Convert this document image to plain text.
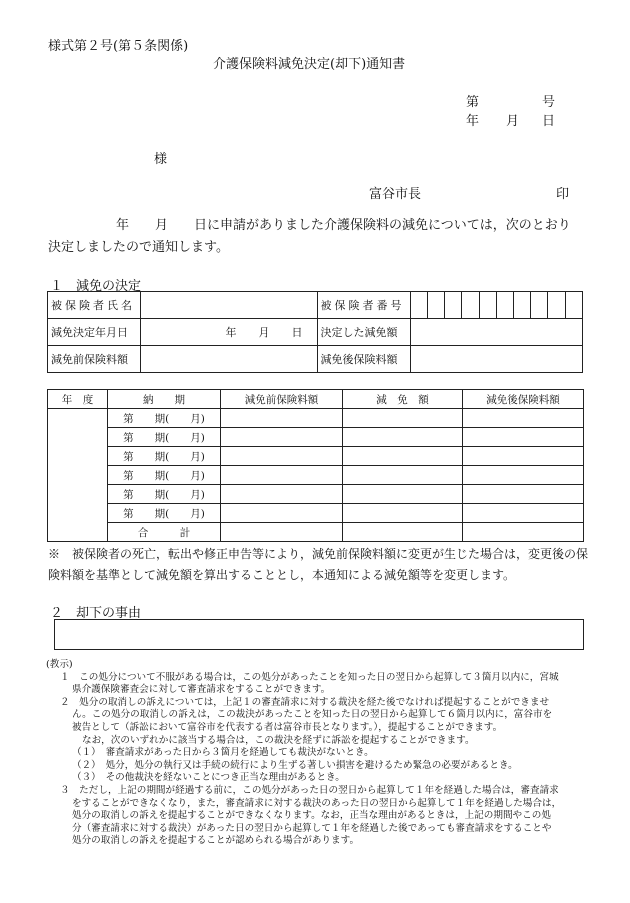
様式第２号(第５条関係)
介護保険料減免決定(却下)通知書
第	号
年 月 日
様
富谷市長	印
年　　月　　日に申請がありました介護保険料の減免については，次のとおり
決定しましたので通知します。
１　減免の決定
被保険者氏名		被保険者番号										
減免決定年月日	年　　月　　日	決定した減免額										
減免前保険料額		減免後保険料額										
年　度	納　　期	減免前保険料額	減　免　額	減免後保険料額
	第　　期(　　月)			
	第　　期(　　月)			
	第　　期(　　月)			
	第　　期(　　月)			
	第　　期(　　月)			
	第　　期(　　月)			
	合　　　計			
※　被保険者の死亡，転出や修正申告等により，減免前保険料額に変更が生じた場合は，変更後の保
険料額を基準として減免額を算出することとし，本通知による減免額等を変更します。
２　却下の事由
(教示)
１　この処分について不服がある場合は，この処分があったことを知った日の翌日から起算して３箇月以内に，宮城
県介護保険審査会に対して審査請求をすることができます。
２　処分の取消しの訴えについては，上記１の審査請求に対する裁決を経た後でなければ提起することができませ
ん。この処分の取消しの訴えは，この裁決があったことを知った日の翌日から起算して６箇月以内に，富谷市を
被告として（訴訟において富谷市を代表する者は富谷市長となります。），提起することができます。
なお，次のいずれかに該当する場合は，この裁決を経ずに訴訟を提起することができます。
（１）　審査請求があった日から３箇月を経過しても裁決がないとき。
（２）　処分，処分の執行又は手続の続行により生ずる著しい損害を避けるため緊急の必要があるとき。
（３）　その他裁決を経ないことにつき正当な理由があるとき。
３　ただし，上記の期間が経過する前に，この処分があった日の翌日から起算して１年を経過した場合は，審査請求
をすることができなくなり，また，審査請求に対する裁決のあった日の翌日から起算して１年を経過した場合は，
処分の取消しの訴えを提起することができなくなります。なお，正当な理由があるときは，上記の期間やこの処
分（審査請求に対する裁決）があった日の翌日から起算して１年を経過した後であっても審査請求をすることや
処分の取消しの訴えを提起することが認められる場合があります。
